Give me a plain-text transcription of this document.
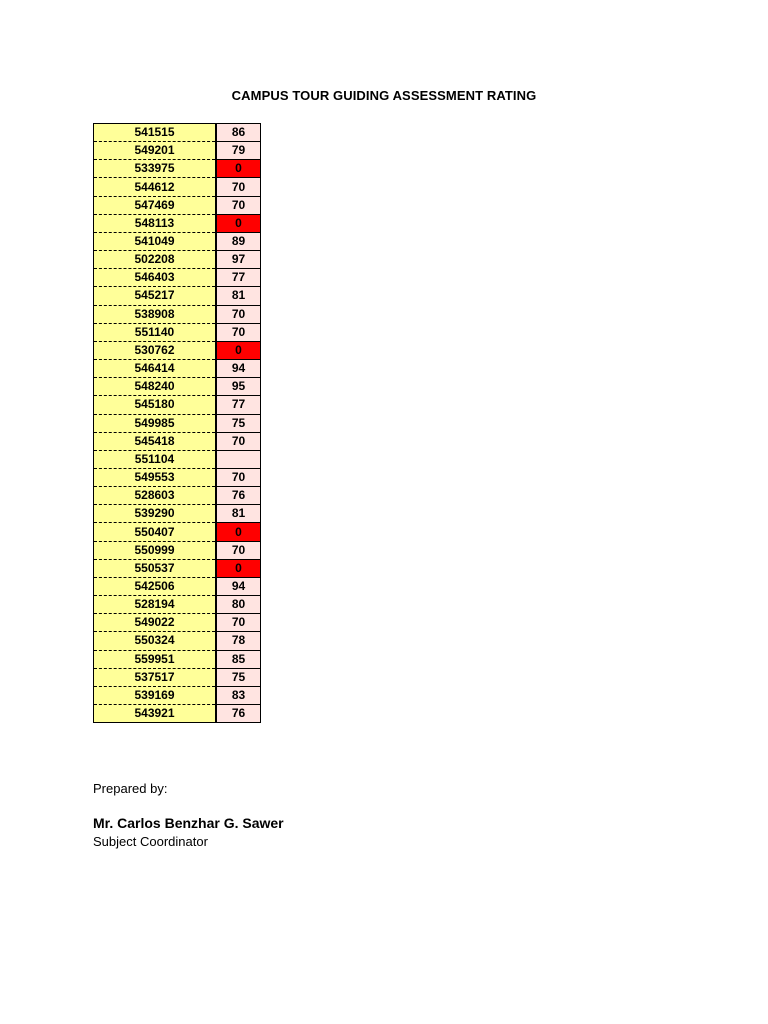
CAMPUS TOUR GUIDING ASSESSMENT RATING
541515		86
549201		79
533975		0
544612		70
547469		70
548113		0
541049		89
502208		97
546403		77
545217		81
538908		70
551140		70
530762		0
546414		94
548240		95
545180		77
549985		75
545418		70
551104		
549553		70
528603		76
539290		81
550407		0
550999		70
550537		0
542506		94
528194		80
549022		70
550324		78
559951		85
537517		75
539169		83
543921		76
Prepared by:
Mr. Carlos Benzhar G. Sawer
Subject Coordinator
